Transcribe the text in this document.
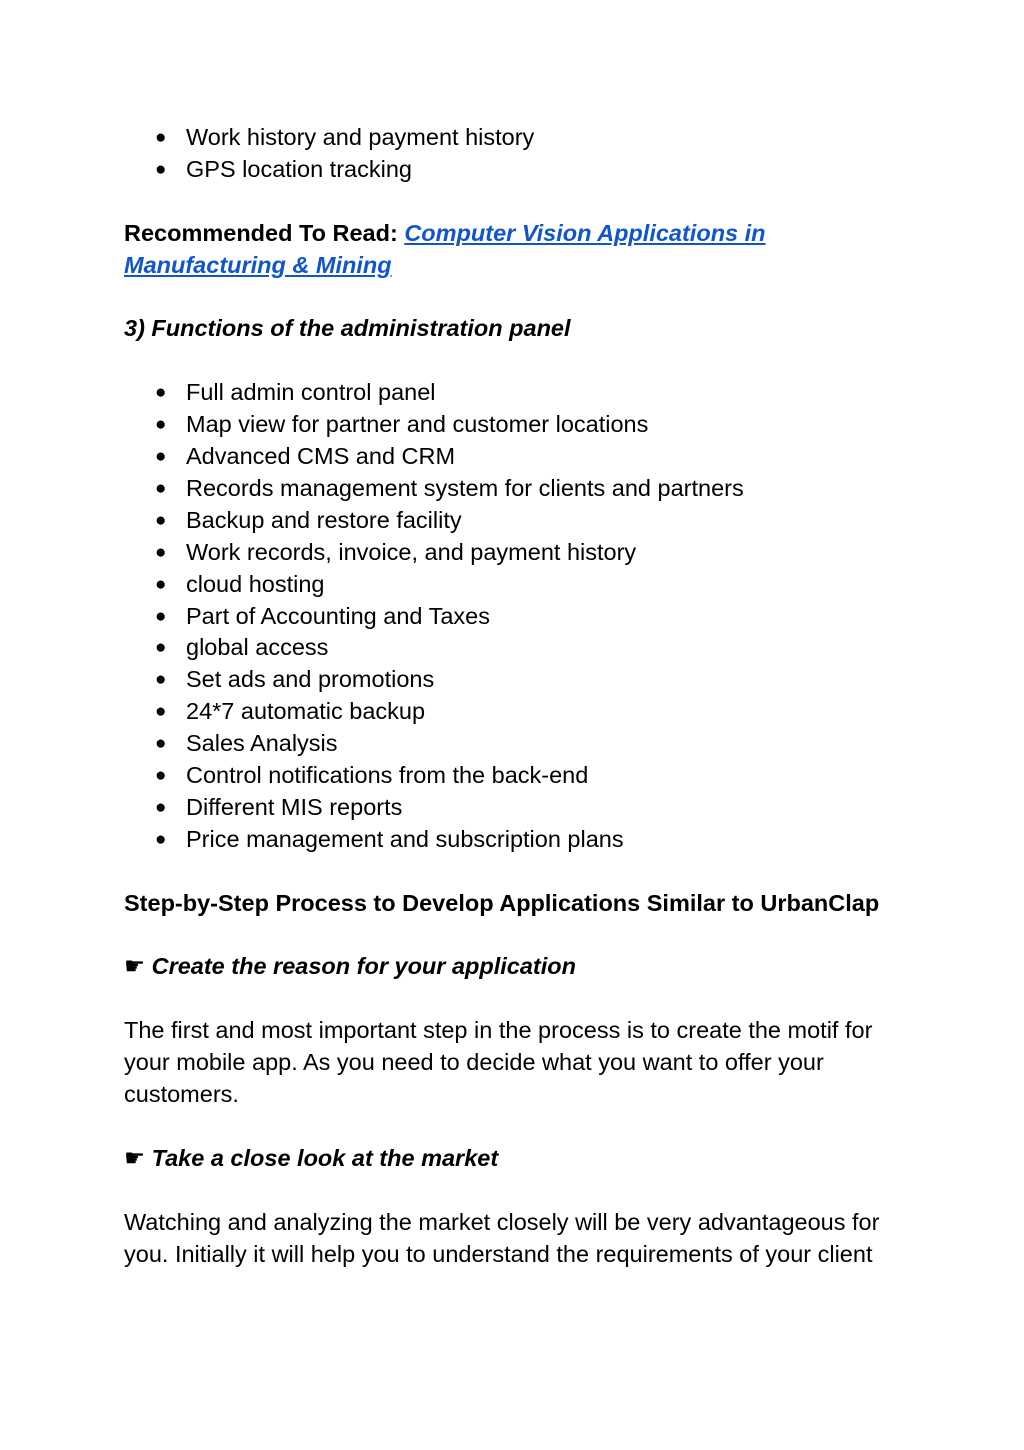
● Work history and payment history
● GPS location tracking

Recommended To Read: Computer Vision Applications in Manufacturing & Mining

3) Functions of the administration panel

● Full admin control panel
● Map view for partner and customer locations
● Advanced CMS and CRM
● Records management system for clients and partners
● Backup and restore facility
● Work records, invoice, and payment history
● cloud hosting
● Part of Accounting and Taxes
● global access
● Set ads and promotions
● 24*7 automatic backup
● Sales Analysis
● Control notifications from the back-end
● Different MIS reports
● Price management and subscription plans

Step-by-Step Process to Develop Applications Similar to UrbanClap

☛ Create the reason for your application

The first and most important step in the process is to create the motif for your mobile app. As you need to decide what you want to offer your customers.

☛ Take a close look at the market

Watching and analyzing the market closely will be very advantageous for you. Initially it will help you to understand the requirements of your client
